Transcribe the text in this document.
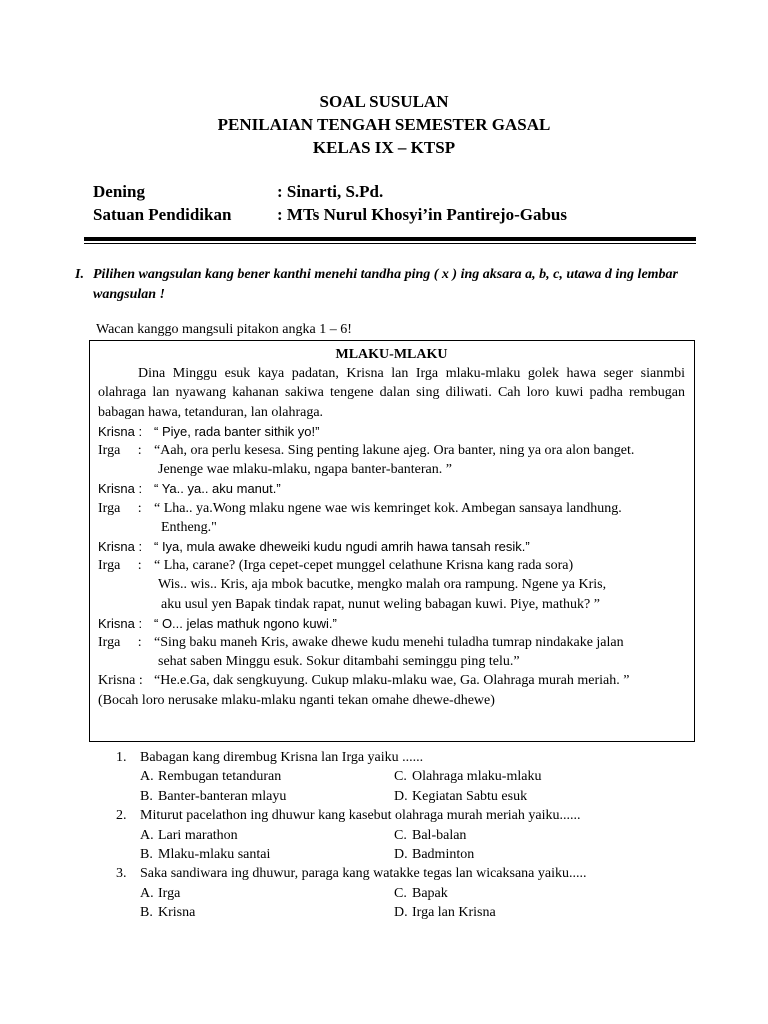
SOAL SUSULAN
PENILAIAN TENGAH SEMESTER GASAL
KELAS IX – KTSP
Dening	: Sinarti, S.Pd.
Satuan Pendidikan	: MTs Nurul Khosyi’in Pantirejo-Gabus
I. Pilihen wangsulan kang bener kanthi menehi tandha ping ( x ) ing aksara a, b, c, utawa d ing lembar wangsulan !
Wacan kanggo mangsuli pitakon angka 1 – 6!
MLAKU-MLAKU

Dina Minggu esuk kaya padatan, Krisna lan Irga mlaku-mlaku golek hawa seger sianmbi olahraga lan nyawang kahanan sakiwa tengene dalan sing diliwati. Cah loro kuwi padha rembugan babagan hawa, tetanduran, lan olahraga.

Krisna : “ Piye, rada banter sithik yo!”
Irga     : “Aah, ora perlu kesesa. Sing penting lakune ajeg. Ora banter, ning ya ora alon banget.
Jenenge wae mlaku-mlaku, ngapa banter-banteran. ”
Krisna : “ Ya.. ya.. aku manut.”
Irga     : “ Lha.. ya.Wong mlaku ngene wae wis kemringet kok. Ambegan sansaya landhung.
Entheng."
Krisna : “ Iya, mula awake dheweiki kudu ngudi amrih hawa tansah resik.”
Irga     : “ Lha, carane? (Irga cepet-cepet munggel celathune Krisna kang rada sora)
Wis.. wis.. Kris, aja mbok bacutke, mengko malah ora rampung. Ngene ya Kris,
aku usul yen Bapak tindak rapat, nunut weling babagan kuwi. Piye, mathuk? ”
Krisna : “ O... jelas mathuk ngono kuwi.”
Irga     : “Sing baku maneh Kris, awake dhewe kudu menehi tuladha tumrap nindakake jalan
sehat saben Minggu esuk. Sokur ditambahi seminggu ping telu.”
Krisna : “He.e.Ga, dak sengkuyung. Cukup mlaku-mlaku wae, Ga. Olahraga murah meriah. ”
(Bocah loro nerusake mlaku-mlaku nganti tekan omahe dhewe-dhewe)
1. Babagan kang dirembug Krisna lan Irga yaiku ......
A. Rembugan tetanduran	C. Olahraga mlaku-mlaku
B. Banter-banteran mlayu	D. Kegiatan Sabtu esuk
2. Miturut pacelathon ing dhuwur kang kasebut olahraga murah meriah yaiku......
A. Lari marathon	C. Bal-balan
B. Mlaku-mlaku santai	D. Badminton
3. Saka sandiwara ing dhuwur, paraga kang watakke tegas lan wicaksana yaiku.....
A. Irga	C. Bapak
B. Krisna	D. Irga lan Krisna
